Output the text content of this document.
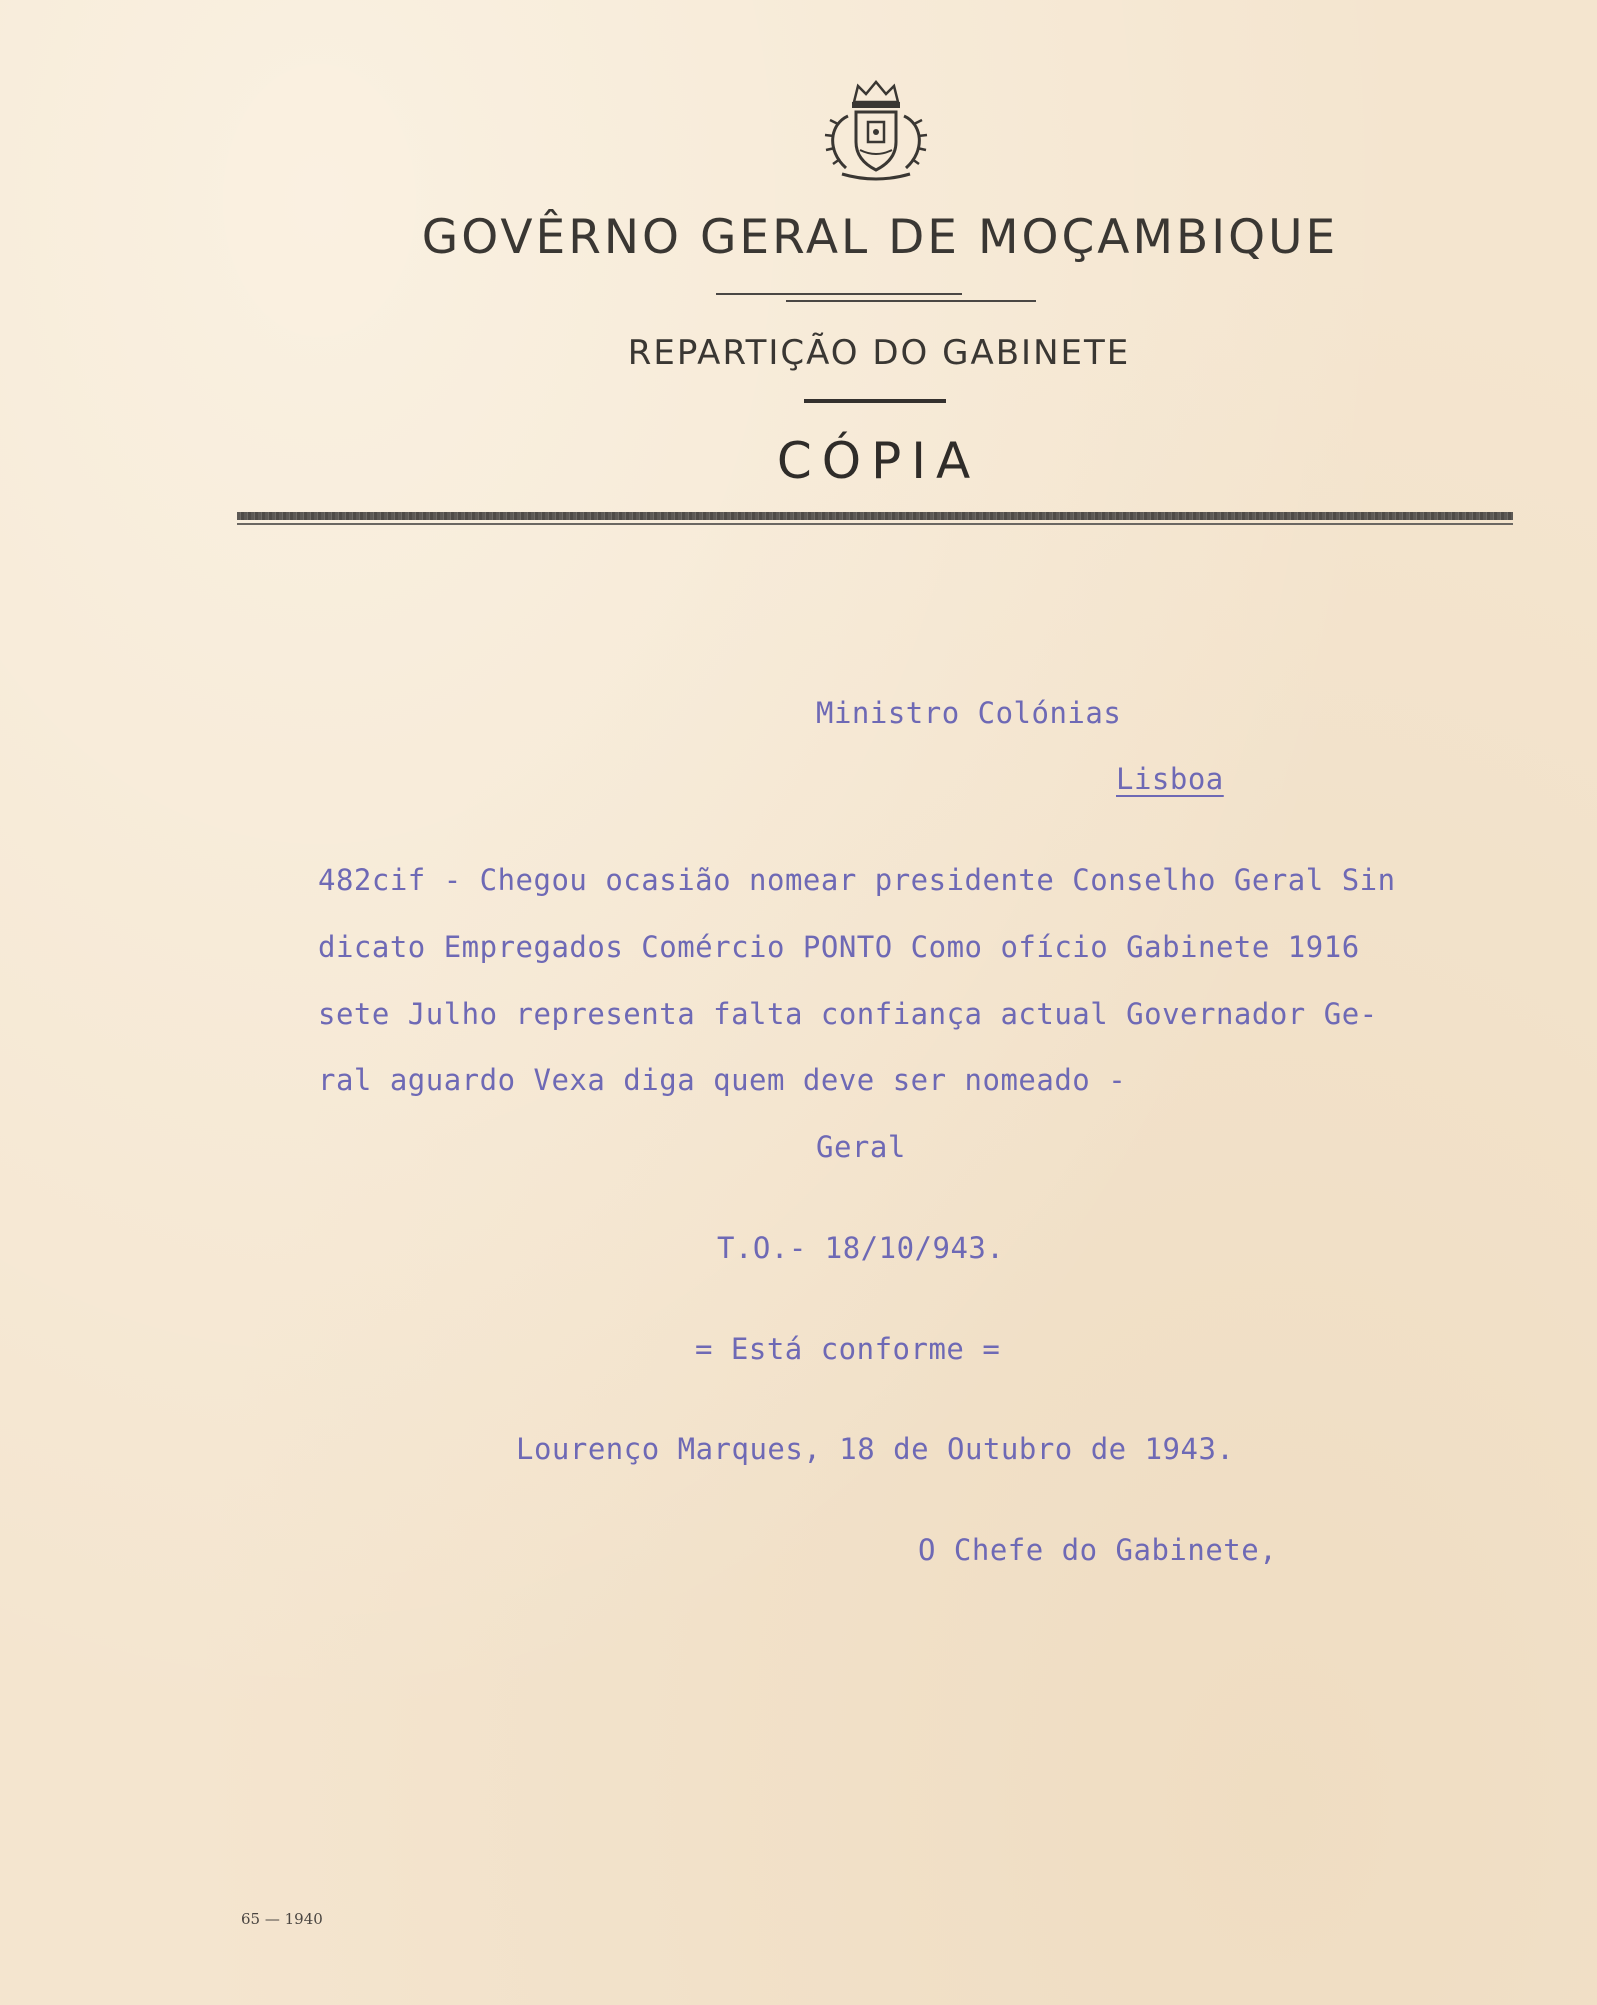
GOVÊRNO GERAL DE MOÇAMBIQUE
REPARTIÇÃO DO GABINETE
CÓPIA

Ministro Colónias

Lisboa

482cif - Chegou ocasião nomear presidente Conselho Geral Sin

dicato Empregados Comércio PONTO Como ofício Gabinete 1916

sete Julho representa falta confiança actual Governador Ge-

ral aguardo Vexa diga quem deve ser nomeado -

Geral

T.O.- 18/10/943.

= Está conforme =

Lourenço Marques, 18 de Outubro de 1943.

O Chefe do Gabinete,

65 — 1940
